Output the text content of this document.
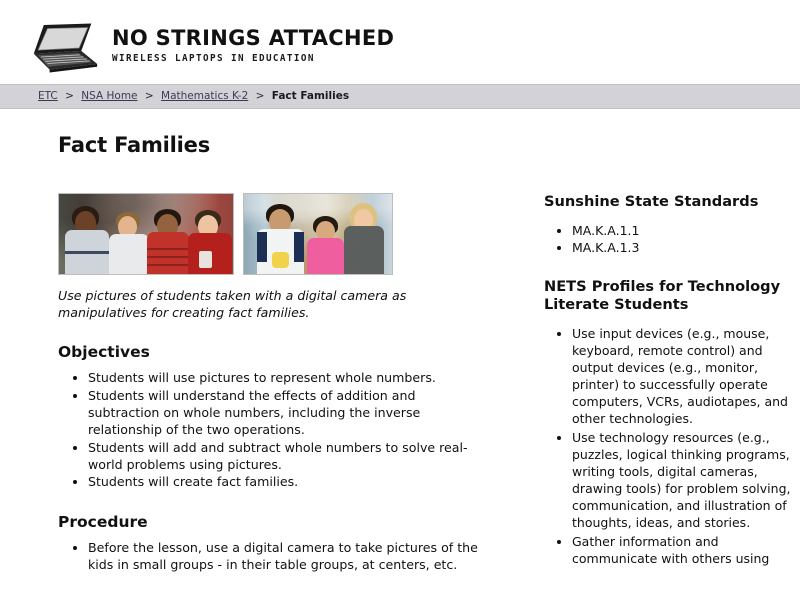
NO STRINGS ATTACHED
WIRELESS LAPTOPS IN EDUCATION
ETC > NSA Home > Mathematics K-2 > Fact Families
Fact Families
Use pictures of students taken with a digital camera as manipulatives for creating fact families.
Objectives
• Students will use pictures to represent whole numbers.
• Students will understand the effects of addition and subtraction on whole numbers, including the inverse relationship of the two operations.
• Students will add and subtract whole numbers to solve real-world problems using pictures.
• Students will create fact families.
Procedure
• Before the lesson, use a digital camera to take pictures of the kids in small groups - in their table groups, at centers, etc.
Sunshine State Standards
• MA.K.A.1.1
• MA.K.A.1.3
NETS Profiles for Technology Literate Students
• Use input devices (e.g., mouse, keyboard, remote control) and output devices (e.g., monitor, printer) to successfully operate computers, VCRs, audiotapes, and other technologies.
• Use technology resources (e.g., puzzles, logical thinking programs, writing tools, digital cameras, drawing tools) for problem solving, communication, and illustration of thoughts, ideas, and stories.
• Gather information and communicate with others using
